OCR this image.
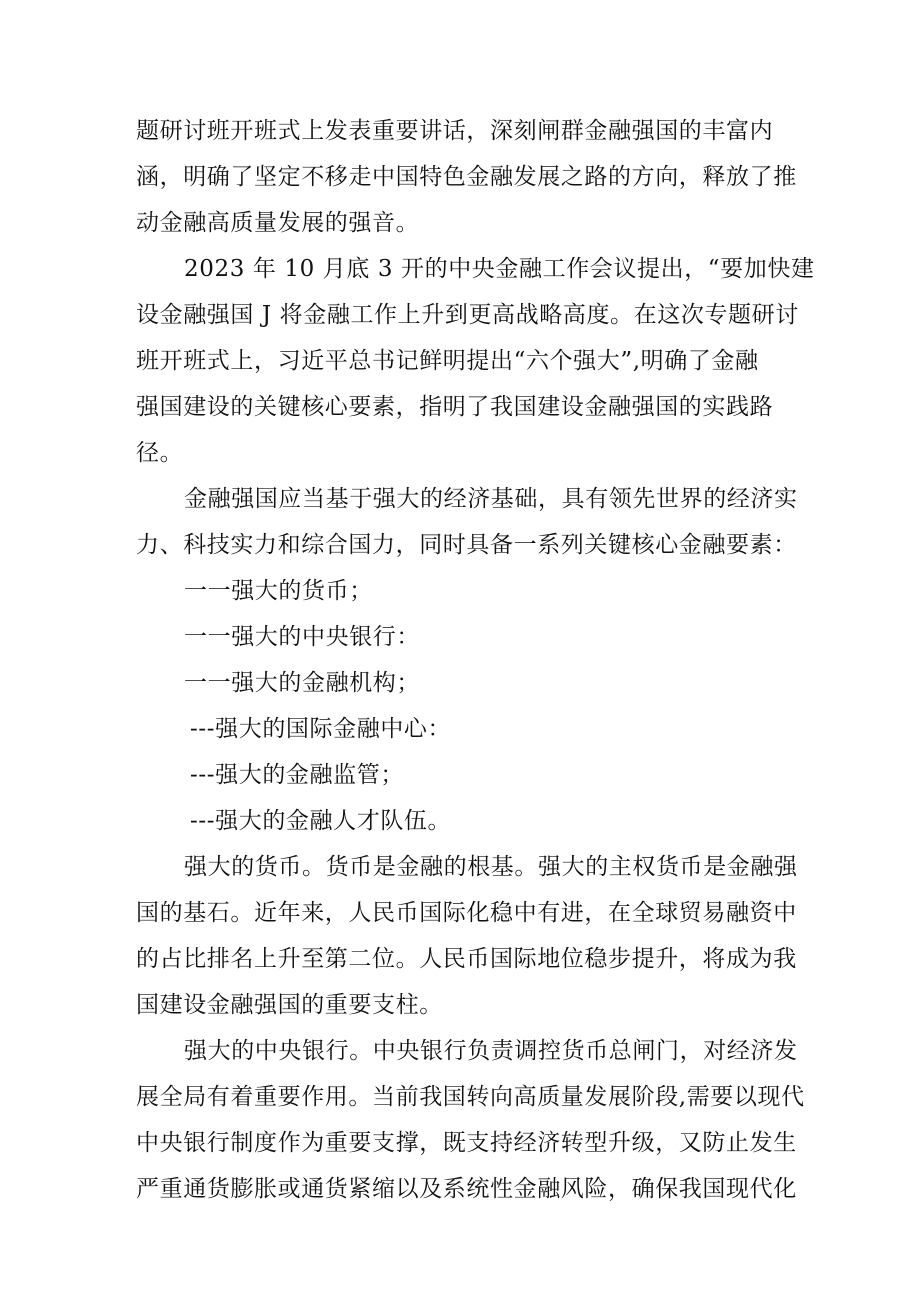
题研讨班开班式上发表重要讲话，深刻闸群金融强国的丰富内
涵，明确了坚定不移走中国特色金融发展之路的方向，释放了推
动金融高质量发展的强音。
2023 年 10 月底 3 开的中央金融工作会议提出，“要加快建
设金融强国 J 将金融工作上升到更高战略高度。在这次专题研讨
班开班式上，习近平总书记鲜明提出“六个强大”,明确了金融
强国建设的关键核心要素，指明了我国建设金融强国的实践路
径。
金融强国应当基于强大的经济基础，具有领先世界的经济实
力、科技实力和综合国力，同时具备一系列关键核心金融要素：
一一强大的货币；
一一强大的中央银行：
一一强大的金融机构；
---强大的国际金融中心：
---强大的金融监管；
---强大的金融人才队伍。
强大的货币。货币是金融的根基。强大的主权货币是金融强
国的基石。近年来，人民币国际化稳中有进，在全球贸易融资中
的占比排名上升至第二位。人民币国际地位稳步提升，将成为我
国建设金融强国的重要支柱。
强大的中央银行。中央银行负责调控货币总闸门，对经济发
展全局有着重要作用。当前我国转向高质量发展阶段,需要以现代
中央银行制度作为重要支撑，既支持经济转型升级，又防止发生
严重通货膨胀或通货紧缩以及系统性金融风险，确保我国现代化
